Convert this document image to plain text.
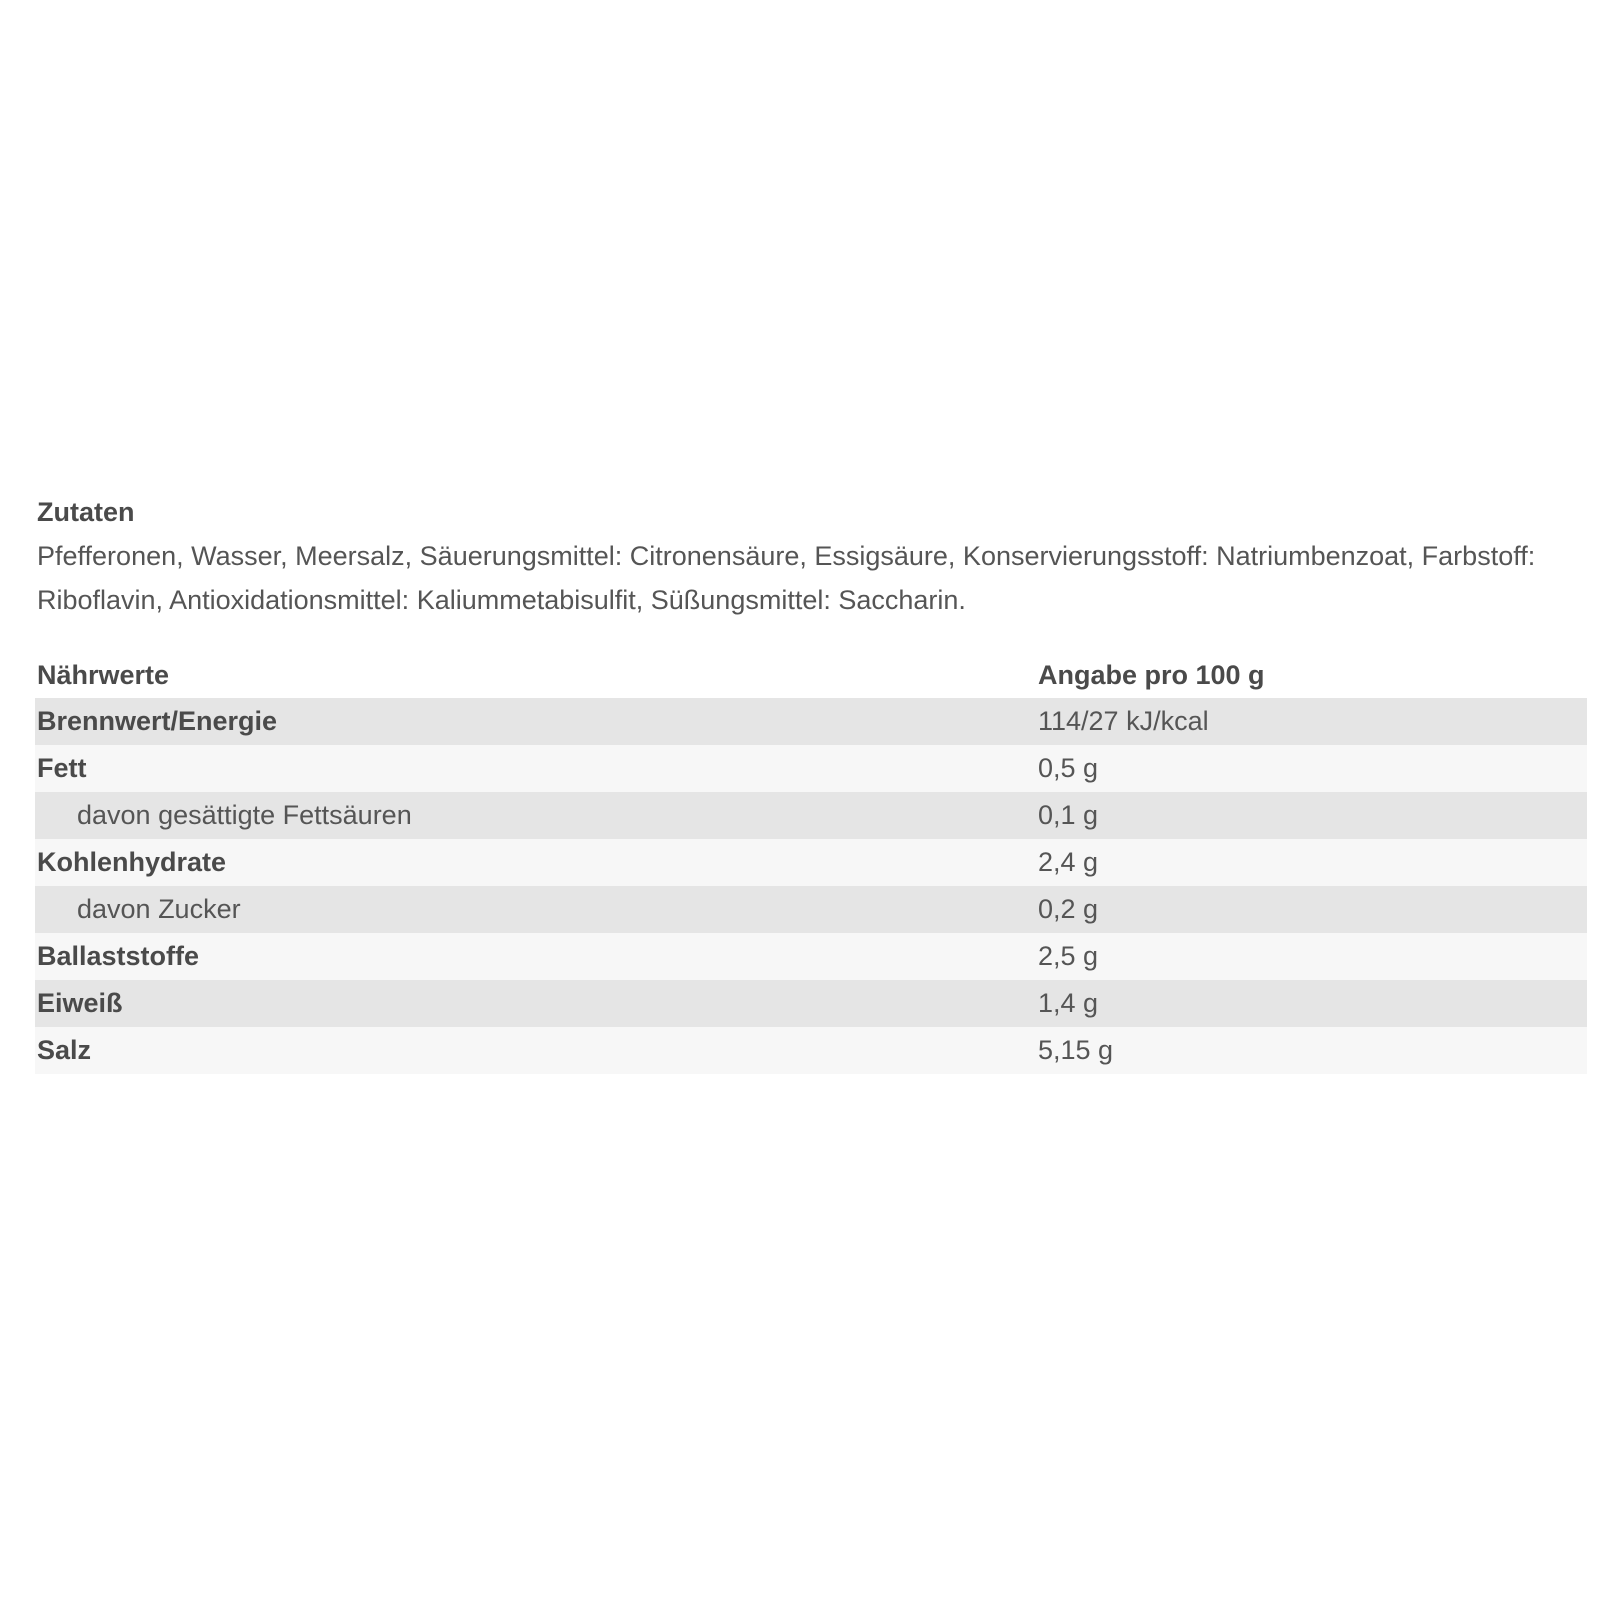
Zutaten
Pfefferonen, Wasser, Meersalz, Säuerungsmittel: Citronensäure, Essigsäure, Konservierungsstoff: Natriumbenzoat, Farbstoff: Riboflavin, Antioxidationsmittel: Kaliummetabisulfit, Süßungsmittel: Saccharin.
Nährwerte	Angabe pro 100 g
Brennwert/Energie	114/27 kJ/kcal
Fett	0,5 g
davon gesättigte Fettsäuren	0,1 g
Kohlenhydrate	2,4 g
davon Zucker	0,2 g
Ballaststoffe	2,5 g
Eiweiß	1,4 g
Salz	5,15 g
